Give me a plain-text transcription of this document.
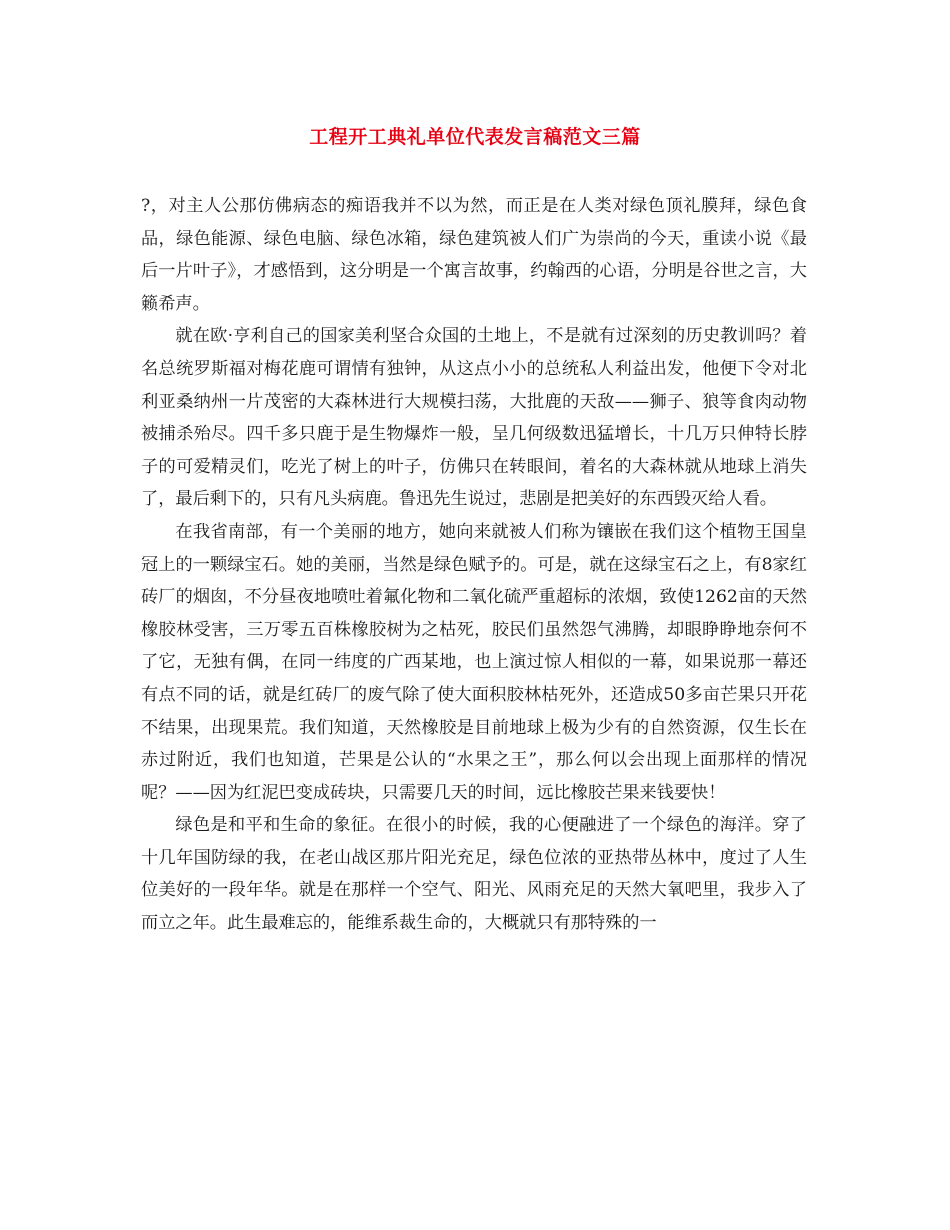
工程开工典礼单位代表发言稿范文三篇

?，对主人公那仿佛病态的痴语我并不以为然，而正是在人类对绿色顶礼膜拜，绿色食品，绿色能源、绿色电脑、绿色冰箱，绿色建筑被人们广为崇尚的今天，重读小说《最后一片叶子》，才感悟到，这分明是一个寓言故事，约翰西的心语，分明是谷世之言，大籁希声。

就在欧·亨利自己的国家美利坚合众国的土地上，不是就有过深刻的历史教训吗？着名总统罗斯福对梅花鹿可谓情有独钟，从这点小小的总统私人利益出发，他便下令对北利亚桑纳州一片茂密的大森林进行大规模扫荡，大批鹿的天敌——狮子、狼等食肉动物被捕杀殆尽。四千多只鹿于是生物爆炸一般，呈几何级数迅猛增长，十几万只伸特长脖子的可爱精灵们，吃光了树上的叶子，仿佛只在转眼间，着名的大森林就从地球上消失了，最后剩下的，只有凡头病鹿。鲁迅先生说过，悲剧是把美好的东西毁灭给人看。

在我省南部，有一个美丽的地方，她向来就被人们称为镶嵌在我们这个植物王国皇冠上的一颗绿宝石。她的美丽，当然是绿色赋予的。可是，就在这绿宝石之上，有8家红砖厂的烟囱，不分昼夜地喷吐着氟化物和二氧化硫严重超标的浓烟，致使1262亩的天然橡胶林受害，三万零五百株橡胶树为之枯死，胶民们虽然怨气沸腾，却眼睁睁地奈何不了它，无独有偶，在同一纬度的广西某地，也上演过惊人相似的一幕，如果说那一幕还有点不同的话，就是红砖厂的废气除了使大面积胶林枯死外，还造成50多亩芒果只开花不结果，出现果荒。我们知道，天然橡胶是目前地球上极为少有的自然资源，仅生长在赤过附近，我们也知道，芒果是公认的“水果之王”，那么何以会出现上面那样的情况呢？——因为红泥巴变成砖块，只需要几天的时间，远比橡胶芒果来钱要快！

绿色是和平和生命的象征。在很小的时候，我的心便融进了一个绿色的海洋。穿了十几年国防绿的我，在老山战区那片阳光充足，绿色位浓的亚热带丛林中，度过了人生位美好的一段年华。就是在那样一个空气、阳光、风雨充足的天然大氧吧里，我步入了而立之年。此生最难忘的，能维系裁生命的，大概就只有那特殊的一
